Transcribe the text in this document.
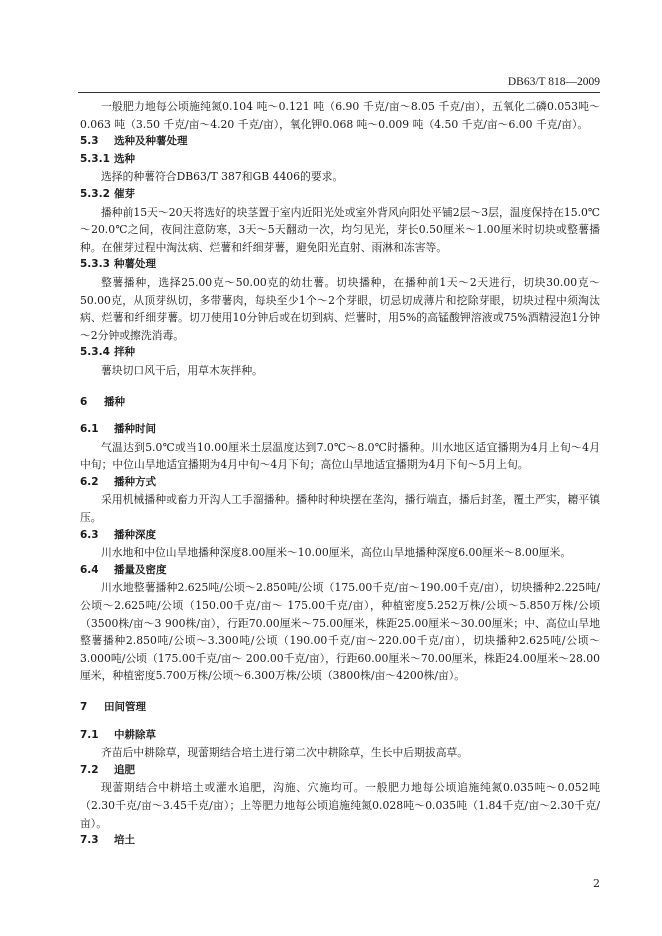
DB63/T 818—2009

一般肥力地每公顷施纯氮0.104 吨～0.121 吨（6.90 千克/亩～8.05 千克/亩），五氧化二磷0.053吨～0.063 吨（3.50 千克/亩～4.20 千克/亩），氧化钾0.068 吨～0.009 吨（4.50 千克/亩～6.00 千克/亩）。

5.3 选种及种薯处理
5.3.1 选种

选择的种薯符合DB63/T 387和GB 4406的要求。

5.3.2 催芽

播种前15天～20天将选好的块茎置于室内近阳光处或室外背风向阳处平铺2层～3层，温度保持在15.0℃～20.0℃之间，夜间注意防寒，3天～5天翻动一次，均匀见光，芽长0.50厘米～1.00厘米时切块或整薯播种。在催芽过程中淘汰病、烂薯和纤细芽薯，避免阳光直射、雨淋和冻害等。

5.3.3 种薯处理

整薯播种，选择25.00克～50.00克的幼壮薯。切块播种，在播种前1天～2天进行，切块30.00克～50.00克，从顶芽纵切，多带薯肉，每块至少1个～2个芽眼，切忌切成薄片和挖除芽眼，切块过程中须淘汰病、烂薯和纤细芽薯。切刀使用10分钟后或在切到病、烂薯时，用5%的高锰酸钾溶液或75%酒精浸泡1分钟～2分钟或擦洗消毒。

5.3.4 拌种

薯块切口风干后，用草木灰拌种。

6 播种
6.1 播种时间

气温达到5.0℃或当10.00厘米土层温度达到7.0℃～8.0℃时播种。川水地区适宜播期为4月上旬～4月中旬；中位山旱地适宜播期为4月中旬～4月下旬；高位山旱地适宜播期为4月下旬～5月上旬。

6.2 播种方式

采用机械播种或畜力开沟人工手溜播种。播种时种块摆在垄沟，播行端直，播后封垄，覆土严实，耱平镇压。

6.3 播种深度

川水地和中位山旱地播种深度8.00厘米～10.00厘米，高位山旱地播种深度6.00厘米～8.00厘米。

6.4 播量及密度

川水地整薯播种2.625吨/公顷～2.850吨/公顷（175.00千克/亩～190.00千克/亩），切块播种2.225吨/公顷～2.625吨/公顷（150.00千克/亩～ 175.00千克/亩），种植密度5.252万株/公顷～5.850万株/公顷（3500株/亩～3 900株/亩），行距70.00厘米～75.00厘米，株距25.00厘米～30.00厘米；中、高位山旱地整薯播种2.850吨/公顷～3.300吨/公顷（190.00千克/亩～220.00千克/亩），切块播种2.625吨/公顷～3.000吨/公顷（175.00千克/亩～ 200.00千克/亩），行距60.00厘米～70.00厘米，株距24.00厘米～28.00厘米，种植密度5.700万株/公顷～6.300万株/公顷（3800株/亩～4200株/亩）。

7 田间管理
7.1 中耕除草

齐苗后中耕除草，现蕾期结合培土进行第二次中耕除草，生长中后期拔高草。

7.2 追肥

现蕾期结合中耕培土或灌水追肥，沟施、穴施均可。一般肥力地每公顷追施纯氮0.035吨～0.052吨（2.30千克/亩～3.45千克/亩）；上等肥力地每公顷追施纯氮0.028吨～0.035吨（1.84千克/亩～2.30千克/亩）。

7.3 培土
2
